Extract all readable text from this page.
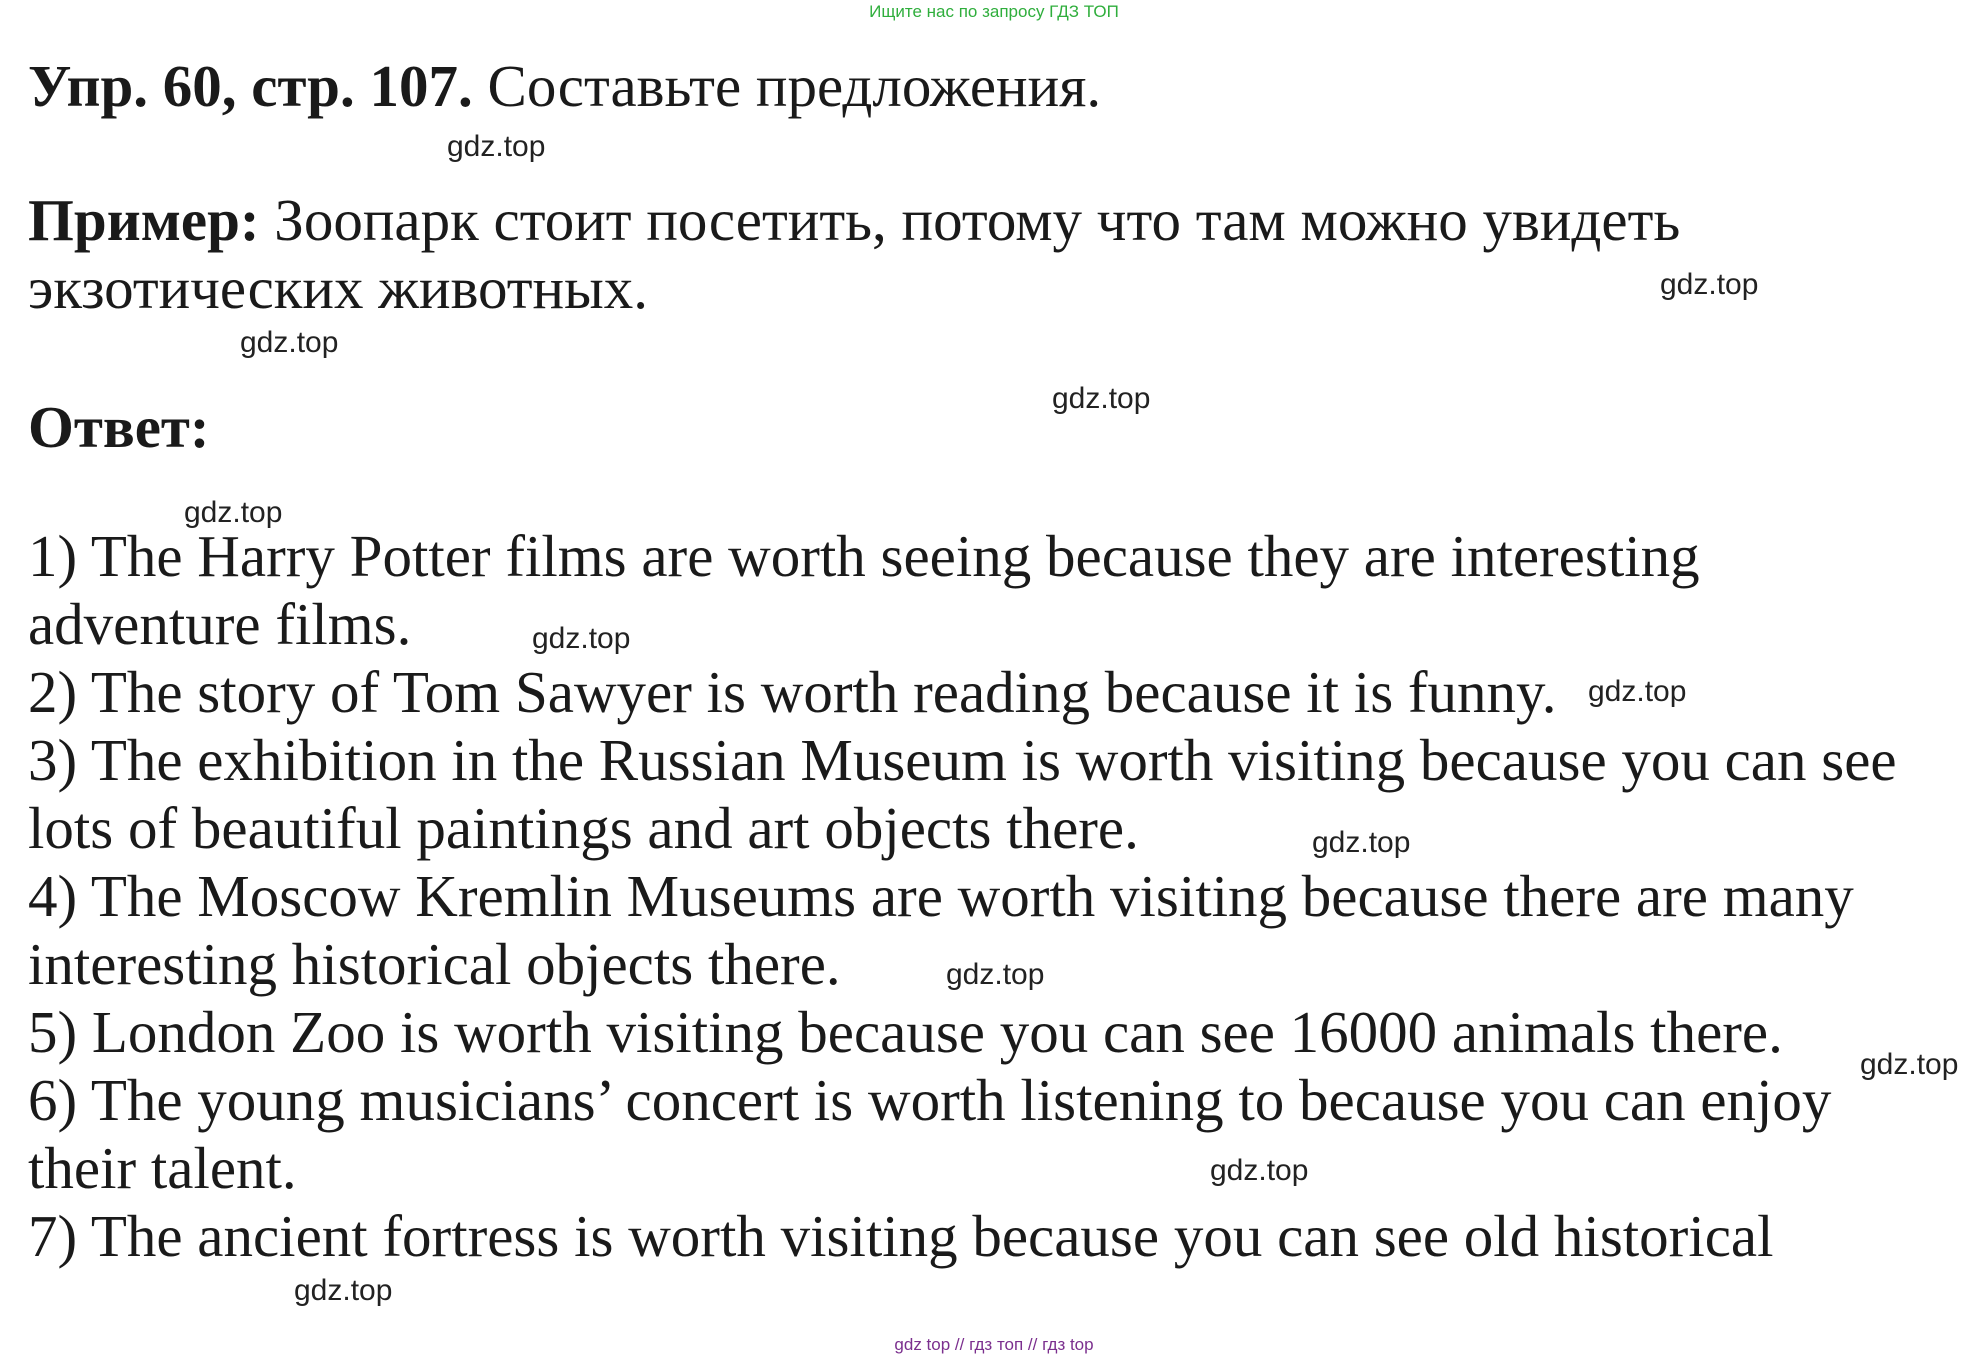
Ищите нас по запросу ГДЗ ТОП
Упр. 60, стр. 107. Составьте предложения.
Пример: Зоопарк стоит посетить, потому что там можно увидеть экзотических животных.
Ответ:
1) The Harry Potter films are worth seeing because they are interesting
adventure films.
2) The story of Tom Sawyer is worth reading because it is funny.
3) The exhibition in the Russian Museum is worth visiting because you can see
lots of beautiful paintings and art objects there.
4) The Moscow Kremlin Museums are worth visiting because there are many
interesting historical objects there.
5) London Zoo is worth visiting because you can see 16000 animals there.
6) The young musicians’ concert is worth listening to because you can enjoy
their talent.
7) The ancient fortress is worth visiting because you can see old historical
gdz.top
gdz.top
gdz.top
gdz.top
gdz.top
gdz.top
gdz.top
gdz.top
gdz.top
gdz.top
gdz.top
gdz.top
gdz top // гдз топ // гдз top
